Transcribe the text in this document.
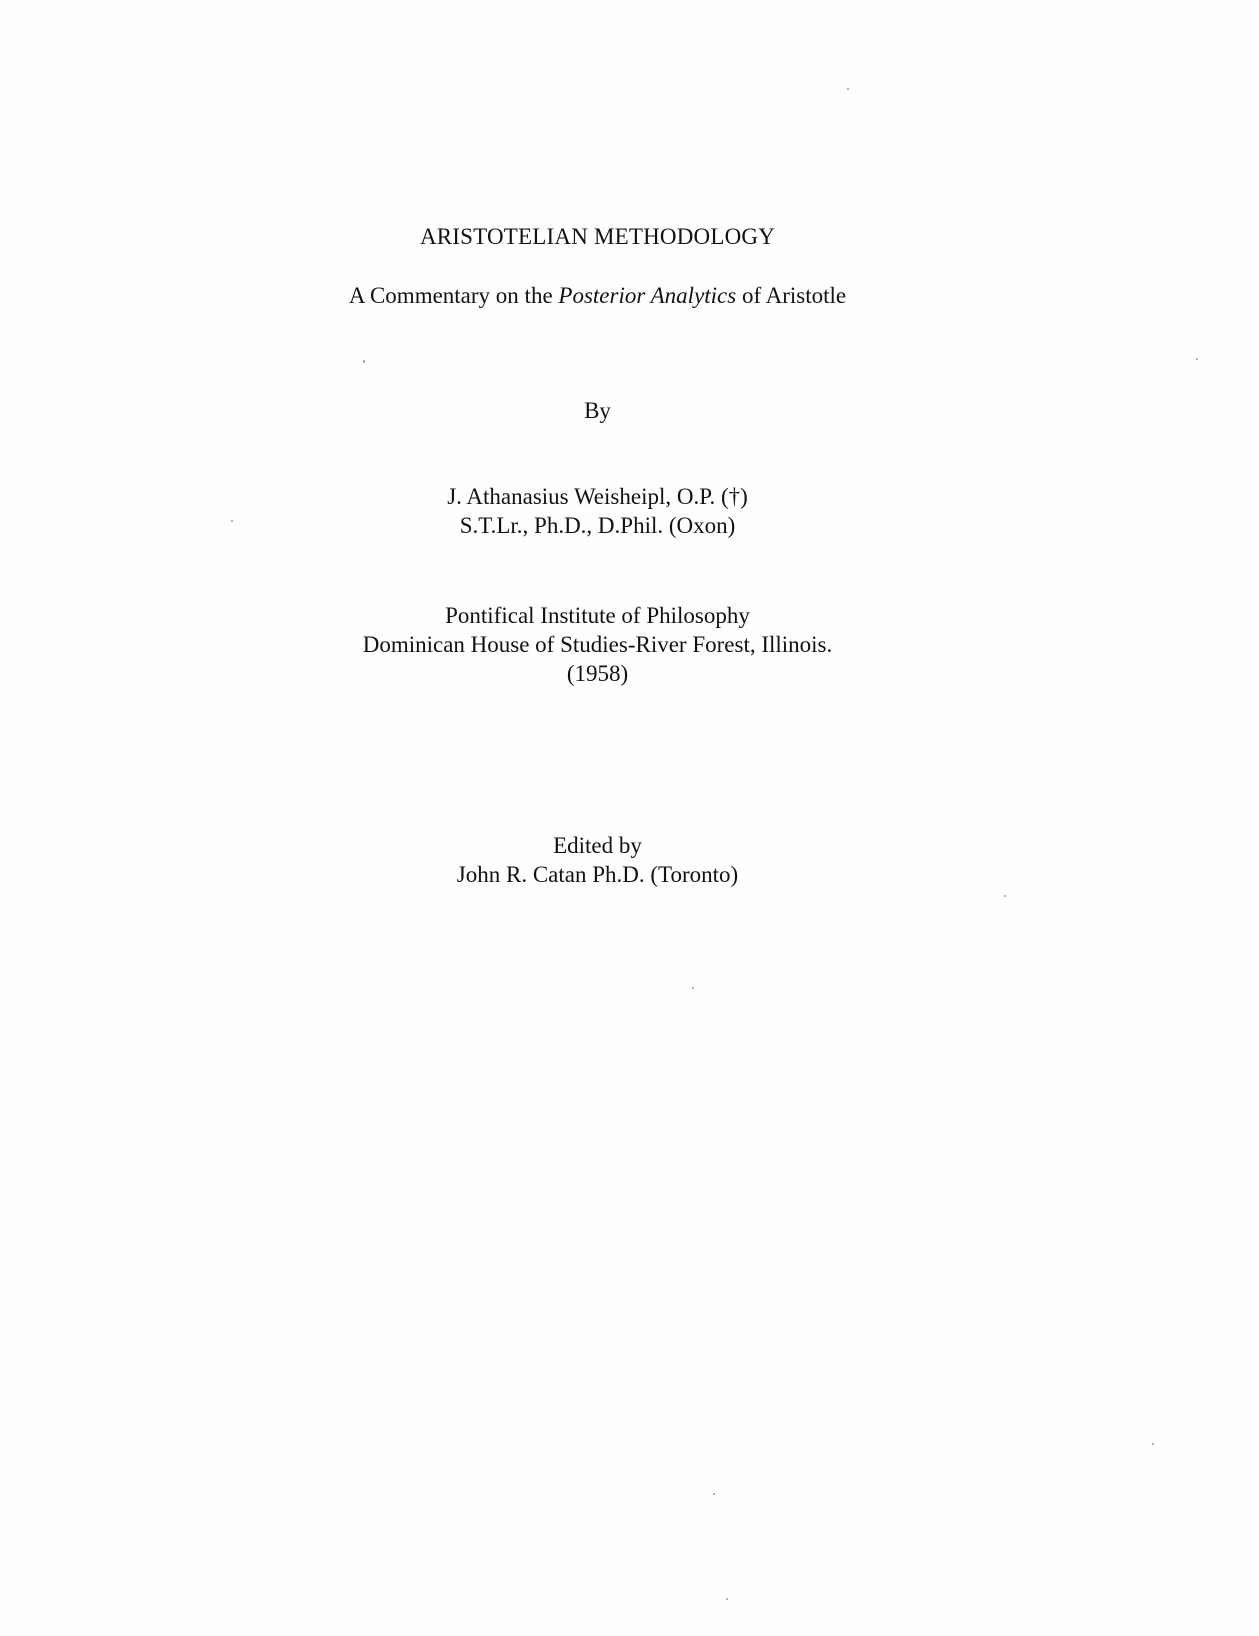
ARISTOTELIAN METHODOLOGY
A Commentary on the Posterior Analytics of Aristotle
By
J. Athanasius Weisheipl, O.P. (†)
S.T.Lr., Ph.D., D.Phil. (Oxon)
Pontifical Institute of Philosophy
Dominican House of Studies-River Forest, Illinois.
(1958)
Edited by
John R. Catan Ph.D. (Toronto)
